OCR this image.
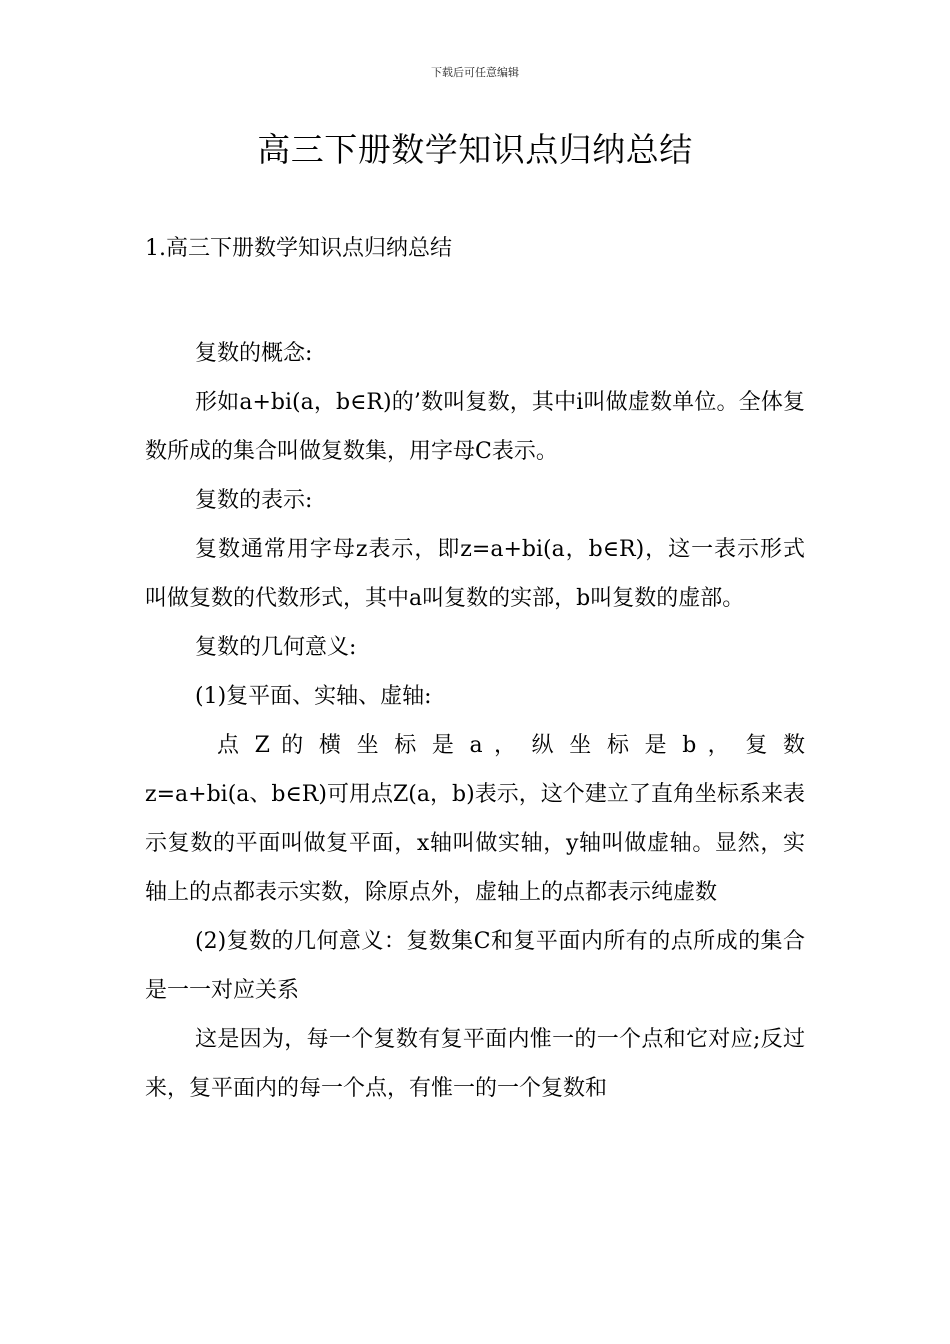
下载后可任意编辑
高三下册数学知识点归纳总结
1.高三下册数学知识点归纳总结

复数的概念:

形如a+bi(a，b∈R)的’数叫复数，其中i叫做虚数单位。全体复数所成的集合叫做复数集，用字母C表示。

复数的表示:

复数通常用字母z表示，即z=a+bi(a，b∈R)，这一表示形式叫做复数的代数形式，其中a叫复数的实部，b叫复数的虚部。

复数的几何意义:

(1)复平面、实轴、虚轴:

点 Z 的 横 坐 标 是 a ， 纵 坐 标 是 b ， 复 数

z=a+bi(a、b∈R)可用点Z(a，b)表示，这个建立了直角坐标系来表示复数的平面叫做复平面，x轴叫做实轴，y轴叫做虚轴。显然，实轴上的点都表示实数，除原点外，虚轴上的点都表示纯虚数

(2)复数的几何意义：复数集C和复平面内所有的点所成的集合是一一对应关系

这是因为，每一个复数有复平面内惟一的一个点和它对应;反过来，复平面内的每一个点，有惟一的一个复数和
